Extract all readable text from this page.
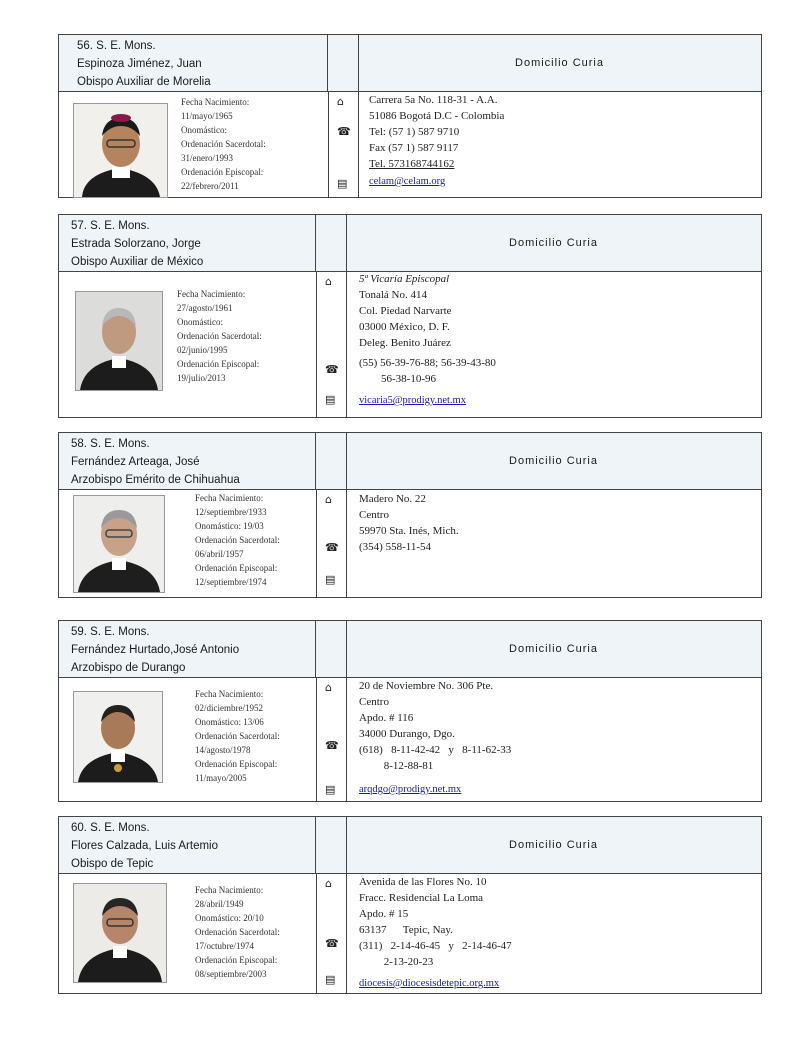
56. S. E. Mons.
Espinoza Jiménez, Juan
Obispo Auxiliar de Morelia
Domicilio Curia
Fecha Nacimiento:
11/mayo/1965
Onomástico:
Ordenación Sacerdotal:
31/enero/1993
Ordenación Episcopal:
22/febrero/2011
⌂
☎
▤
Carrera 5a No. 118-31 - A.A.
51086 Bogotá D.C - Colombia
Tel: (57 1) 587 9710
Fax (57 1) 587 9117
Tel. 573168744162
celam@celam.org
57. S. E. Mons.
Estrada Solorzano, Jorge
Obispo Auxiliar de México
Domicilio Curia
Fecha Nacimiento:
27/agosto/1961
Onomástico:
Ordenación Sacerdotal:
02/junio/1995
Ordenación Episcopal:
19/julio/2013
⌂
☎
▤
5ª Vicaría Episcopal
Tonalá No. 414
Col. Piedad Narvarte
03000 México, D. F.
Deleg. Benito Juárez
(55) 56-39-76-88; 56-39-43-80
56-38-10-96
vicaria5@prodigy.net.mx
58. S. E. Mons.
Fernández Arteaga, José
Arzobispo Emérito de Chihuahua
Domicilio Curia
Fecha Nacimiento:
12/septiembre/1933
Onomástico: 19/03
Ordenación Sacerdotal:
06/abril/1957
Ordenación Episcopal:
12/septiembre/1974
⌂
☎
▤
Madero No. 22
Centro
59970 Sta. Inés, Mich.
(354) 558-11-54
59. S. E. Mons.
Fernández Hurtado,José Antonio
Arzobispo de Durango
Domicilio Curia
Fecha Nacimiento:
02/diciembre/1952
Onomástico: 13/06
Ordenación Sacerdotal:
14/agosto/1978
Ordenación Episcopal:
11/mayo/2005
⌂
☎
▤
20 de Noviembre No. 306 Pte.
Centro
Apdo. # 116
34000 Durango, Dgo.
(618)   8-11-42-42   y   8-11-62-33
8-12-88-81
arqdgo@prodigy.net.mx
60. S. E. Mons.
Flores Calzada, Luis Artemio
Obispo de Tepic
Domicilio Curia
Fecha Nacimiento:
28/abril/1949
Onomástico: 20/10
Ordenación Sacerdotal:
17/octubre/1974
Ordenación Episcopal:
08/septiembre/2003
⌂
☎
▤
Avenida de las Flores No. 10
Fracc. Residencial La Loma
Apdo. # 15
63137      Tepic, Nay.
(311)   2-14-46-45   y   2-14-46-47
2-13-20-23
diocesis@diocesisdetepic.org.mx
